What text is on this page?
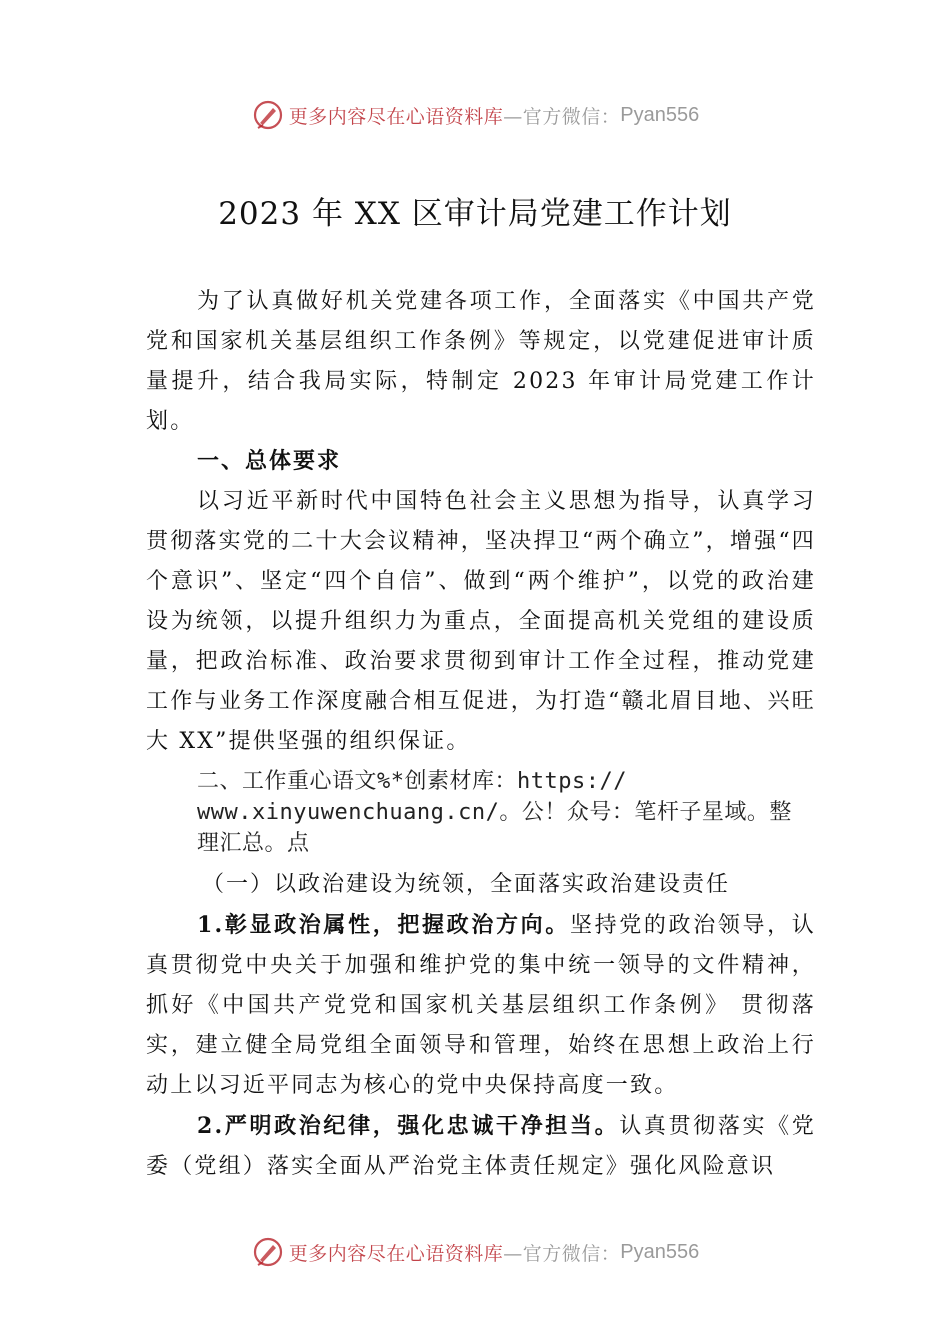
更多内容尽在心语资料库 —官方微信： Pyan556
2023 年 XX 区审计局党建工作计划

为了认真做好机关党建各项工作，全面落实《中国共产党党和国家机关基层组织工作条例》等规定，以党建促进审计质量提升，结合我局实际，特制定 2023 年审计局党建工作计划。

一、总体要求

以习近平新时代中国特色社会主义思想为指导，认真学习贯彻落实党的二十大会议精神，坚决捍卫“两个确立”，增强“四个意识”、坚定“四个自信”、做到“两个维护”，以党的政治建设为统领，以提升组织力为重点，全面提高机关党组的建设质量，把政治标准、政治要求贯彻到审计工作全过程，推动党建工作与业务工作深度融合相互促进，为打造“赣北眉目地、兴旺大 XX”提供坚强的组织保证。

二、工作重心语文%*创素材库：https://
www.xinyuwenchuang.cn/。公！众号：笔杆子星域。整
理汇总。点

（一）以政治建设为统领，全面落实政治建设责任

1.彰显政治属性，把握政治方向。坚持党的政治领导，认真贯彻党中央关于加强和维护党的集中统一领导的文件精神，抓好《中国共产党党和国家机关基层组织工作条例》 贯彻落实，建立健全局党组全面领导和管理，始终在思想上政治上行动上以习近平同志为核心的党中央保持高度一致。

2.严明政治纪律，强化忠诚干净担当。认真贯彻落实《党委（党组）落实全面从严治党主体责任规定》强化风险意识

更多内容尽在心语资料库 —官方微信： Pyan556
